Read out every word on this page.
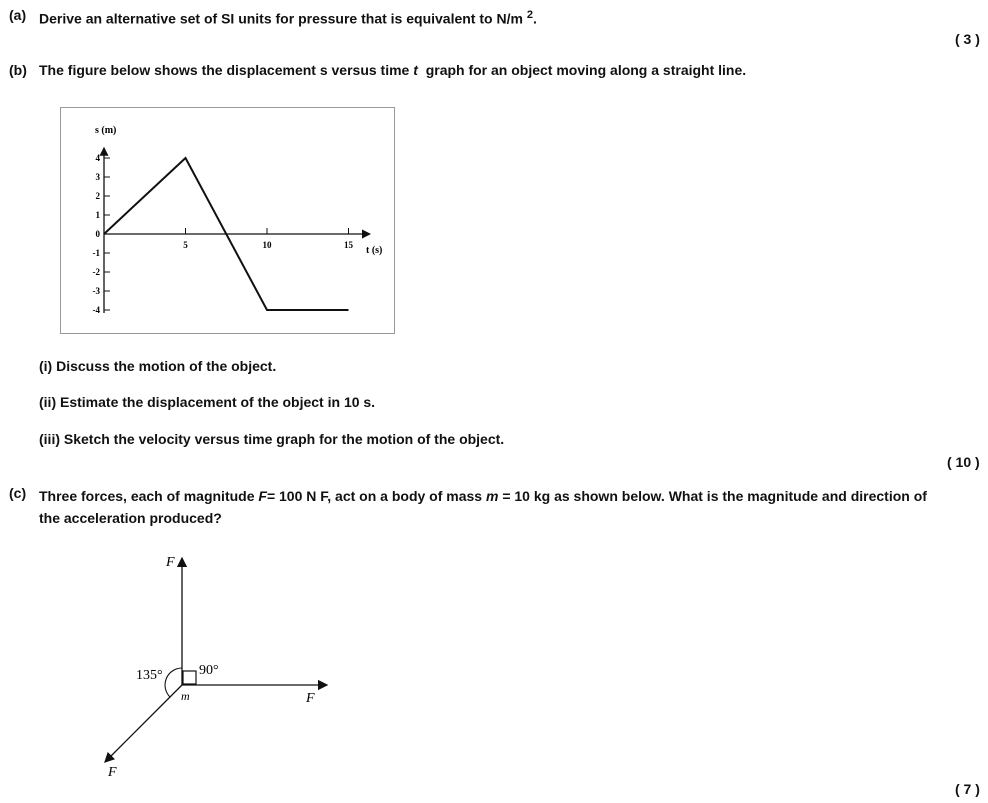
(a) Derive an alternative set of SI units for pressure that is equivalent to N/m $^2$.
( 3 )
(b) The figure below shows the displacement s versus time t graph for an object moving along a straight line.
s (m)
t (s)
4
3
2
1
0
-1
-2
-3
-4
5	10	15
(i) Discuss the motion of the object.
(ii) Estimate the displacement of the object in 10 s.
(iii) Sketch the velocity versus time graph for the motion of the object.
( 10 )
(c) Three forces, each of magnitude F= 100 N F, act on a body of mass m = 10 kg as shown below. What is the magnitude and direction of
the acceleration produced?
F
F
F
m
135°	90°
( 7 )
